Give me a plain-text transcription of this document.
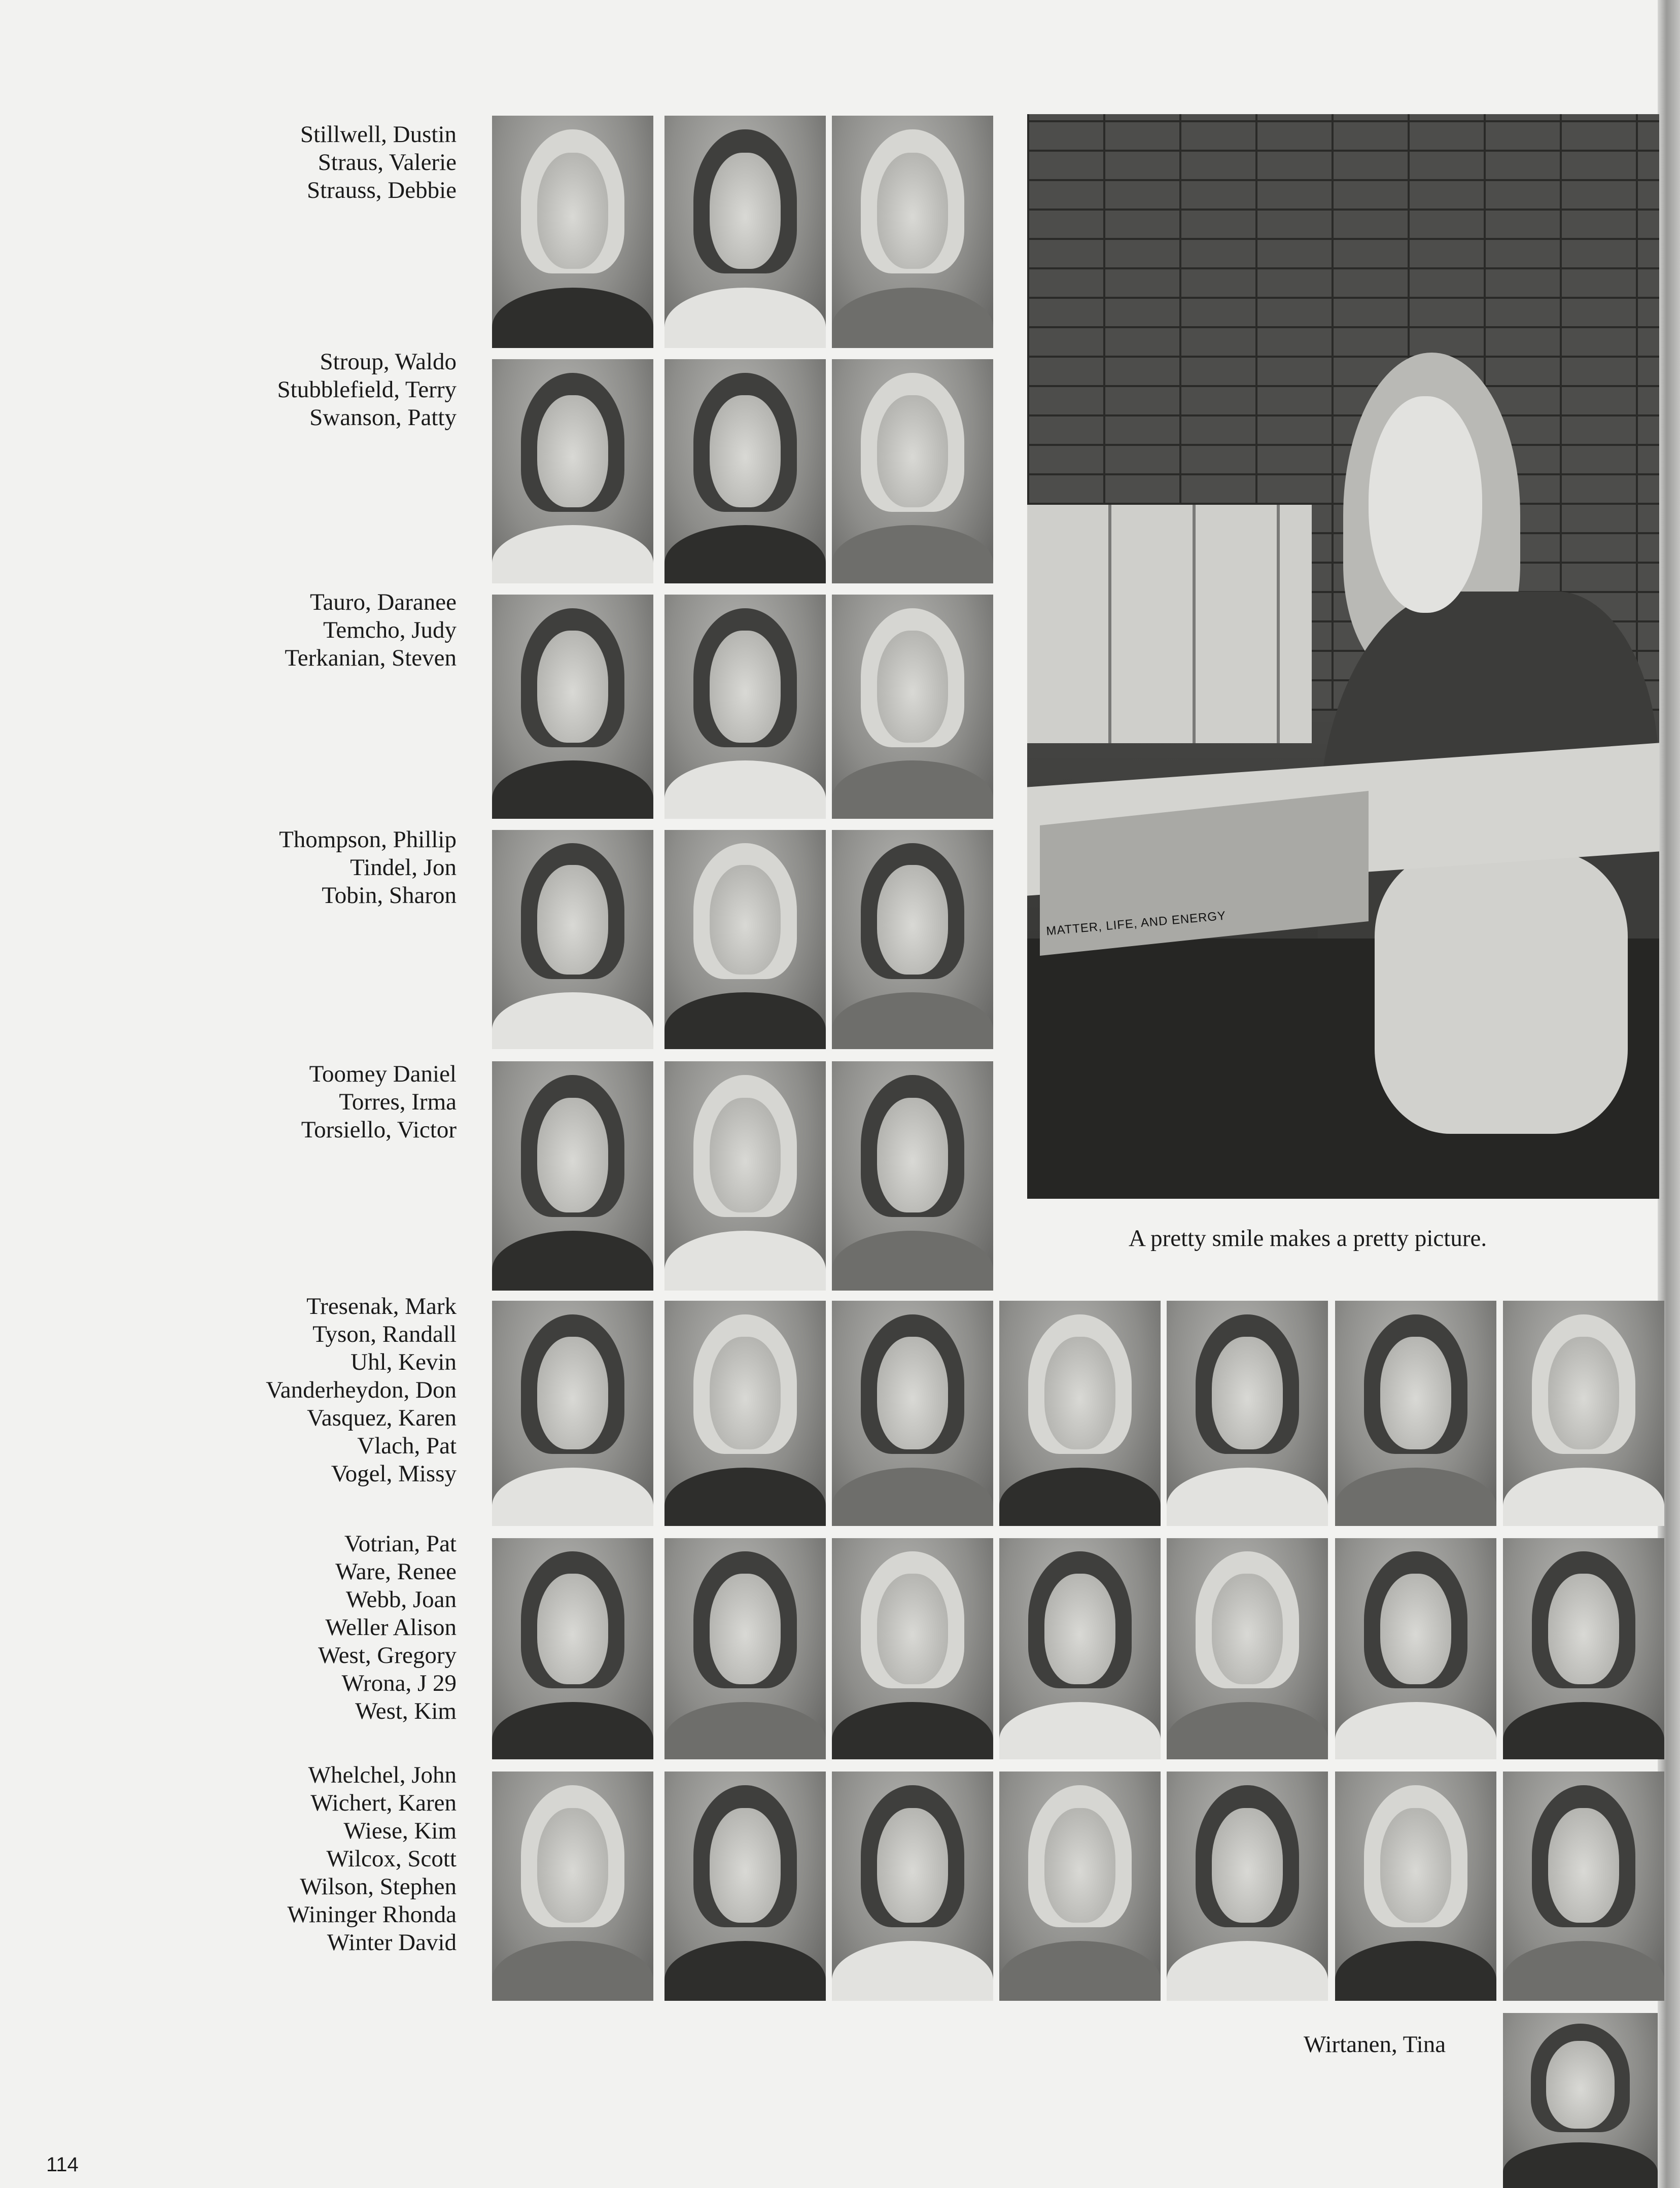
Stillwell, Dustin
Straus, Valerie
Strauss, Debbie
Stroup, Waldo
Stubblefield, Terry
Swanson, Patty
Tauro, Daranee
Temcho, Judy
Terkanian, Steven
Thompson, Phillip
Tindel, Jon
Tobin, Sharon
Toomey Daniel
Torres, Irma
Torsiello, Victor
Tresenak, Mark
Tyson, Randall
Uhl, Kevin
Vanderheydon, Don
Vasquez, Karen
Vlach, Pat
Vogel, Missy
Votrian, Pat
Ware, Renee
Webb, Joan
Weller Alison
West, Gregory
Wrona, J 29
West, Kim
Whelchel, John
Wichert, Karen
Wiese, Kim
Wilcox, Scott
Wilson, Stephen
Wininger Rhonda
Winter David
MATTER, LIFE, AND ENERGY
A pretty smile makes a pretty picture.
Wirtanen, Tina
114
